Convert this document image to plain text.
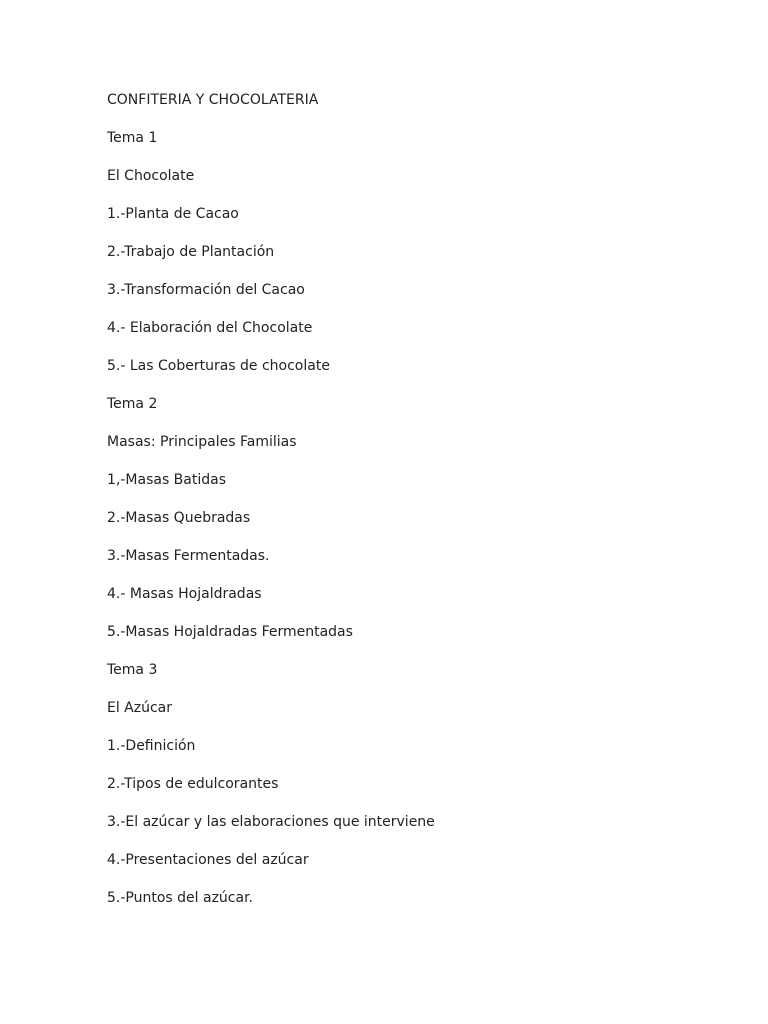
CONFITERIA Y CHOCOLATERIA
Tema 1
El Chocolate
1.-Planta de Cacao
2.-Trabajo de Plantación
3.-Transformación del Cacao
4.- Elaboración del Chocolate
5.- Las Coberturas de chocolate
Tema 2
Masas: Principales Familias
1,-Masas Batidas
2.-Masas Quebradas
3.-Masas Fermentadas.
4.- Masas Hojaldradas
5.-Masas Hojaldradas Fermentadas
Tema 3
El Azúcar
1.-Definición
2.-Tipos de edulcorantes
3.-El azúcar y las elaboraciones que interviene
4.-Presentaciones del azúcar
5.-Puntos del azúcar.
